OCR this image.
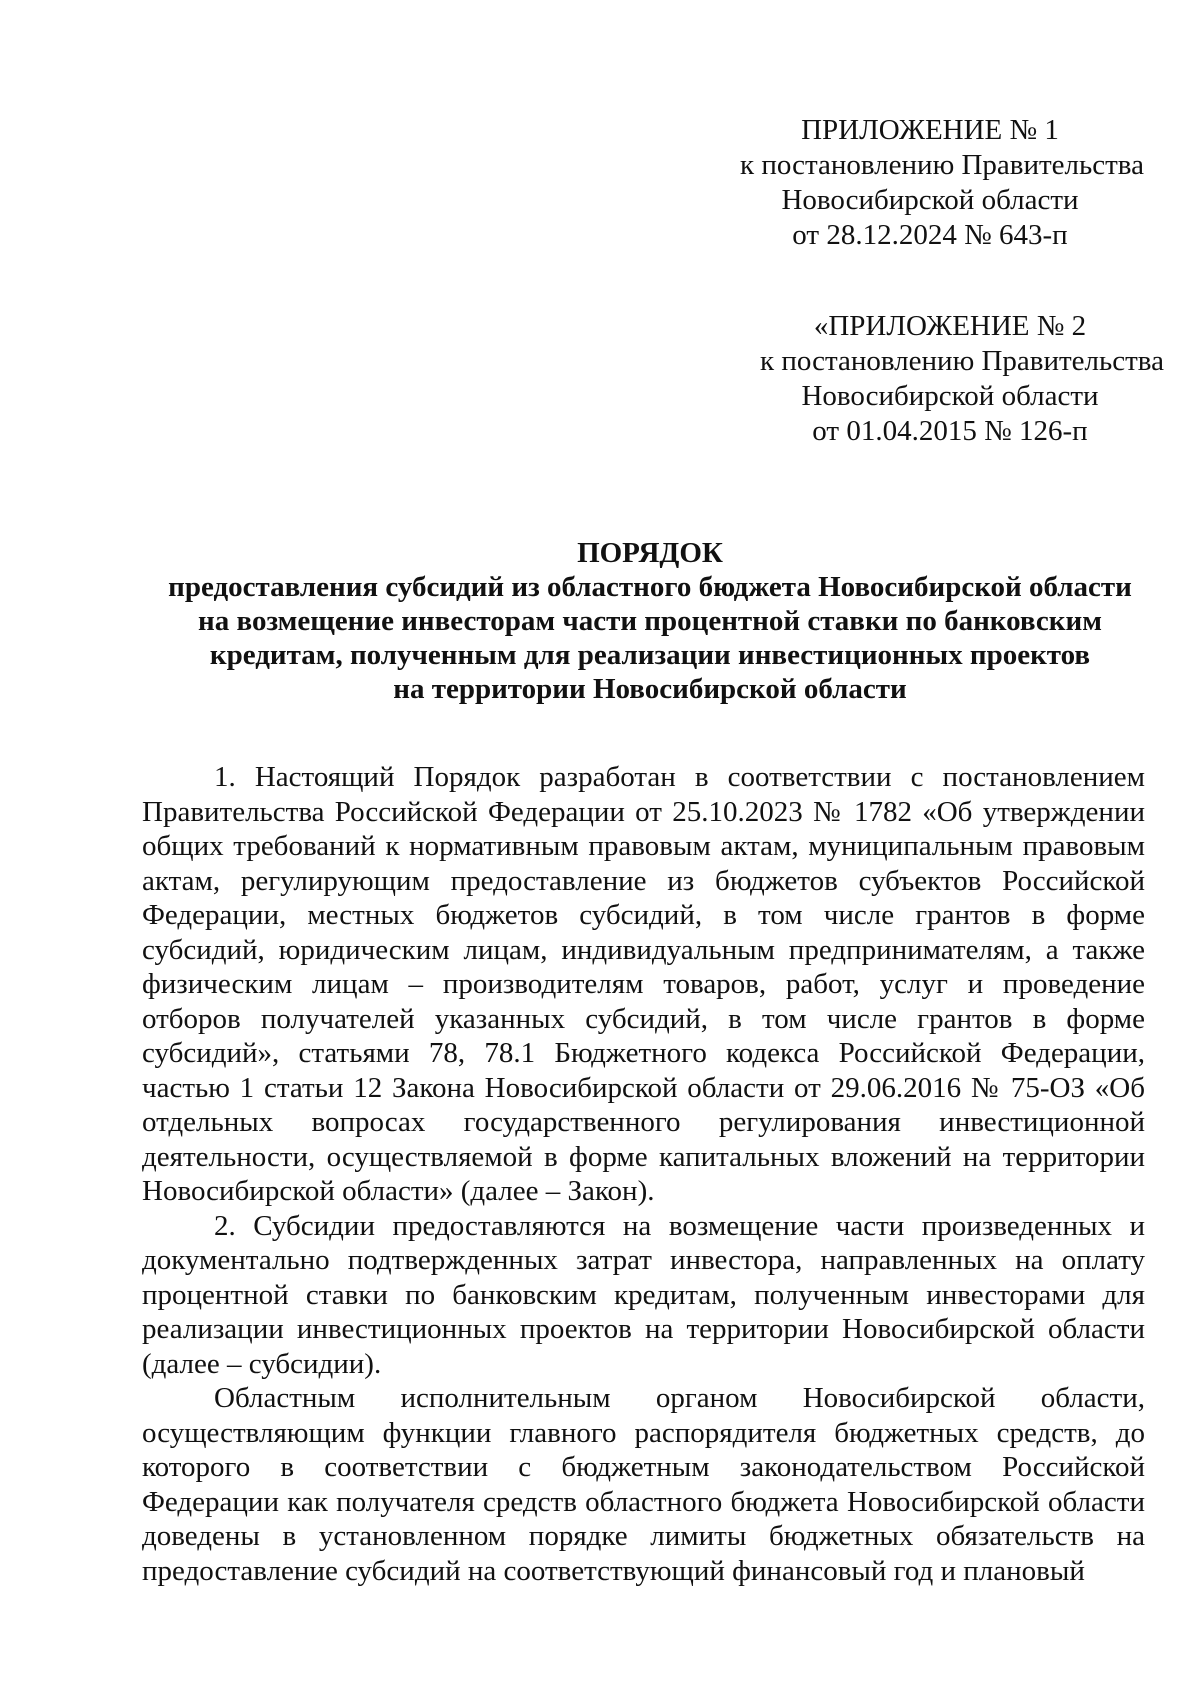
ПРИЛОЖЕНИЕ № 1
к постановлению Правительства
Новосибирской области
от 28.12.2024 № 643-п
«ПРИЛОЖЕНИЕ № 2
к постановлению Правительства
Новосибирской области
от 01.04.2015 № 126-п
ПОРЯДОК
предоставления субсидий из областного бюджета Новосибирской области
на возмещение инвесторам части процентной ставки по банковским
кредитам, полученным для реализации инвестиционных проектов
на территории Новосибирской области

1. Настоящий Порядок разработан в соответствии с постановлением Правительства Российской Федерации от 25.10.2023 № 1782 «Об утверждении общих требований к нормативным правовым актам, муниципальным правовым актам, регулирующим предоставление из бюджетов субъектов Российской Федерации, местных бюджетов субсидий, в том числе грантов в форме субсидий, юридическим лицам, индивидуальным предпринимателям, а также физическим лицам – производителям товаров, работ, услуг и проведение отборов получателей указанных субсидий, в том числе грантов в форме субсидий», статьями 78, 78.1 Бюджетного кодекса Российской Федерации, частью 1 статьи 12 Закона Новосибирской области от 29.06.2016 № 75-ОЗ «Об отдельных вопросах государственного регулирования инвестиционной деятельности, осуществляемой в форме капитальных вложений на территории Новосибирской области» (далее – Закон).

2. Субсидии предоставляются на возмещение части произведенных и документально подтвержденных затрат инвестора, направленных на оплату процентной ставки по банковским кредитам, полученным инвесторами для реализации инвестиционных проектов на территории Новосибирской области (далее – субсидии).

Областным исполнительным органом Новосибирской области, осуществляющим функции главного распорядителя бюджетных средств, до которого в соответствии с бюджетным законодательством Российской Федерации как получателя средств областного бюджета Новосибирской области доведены в установленном порядке лимиты бюджетных обязательств на предоставление субсидий на соответствующий финансовый год и плановый
